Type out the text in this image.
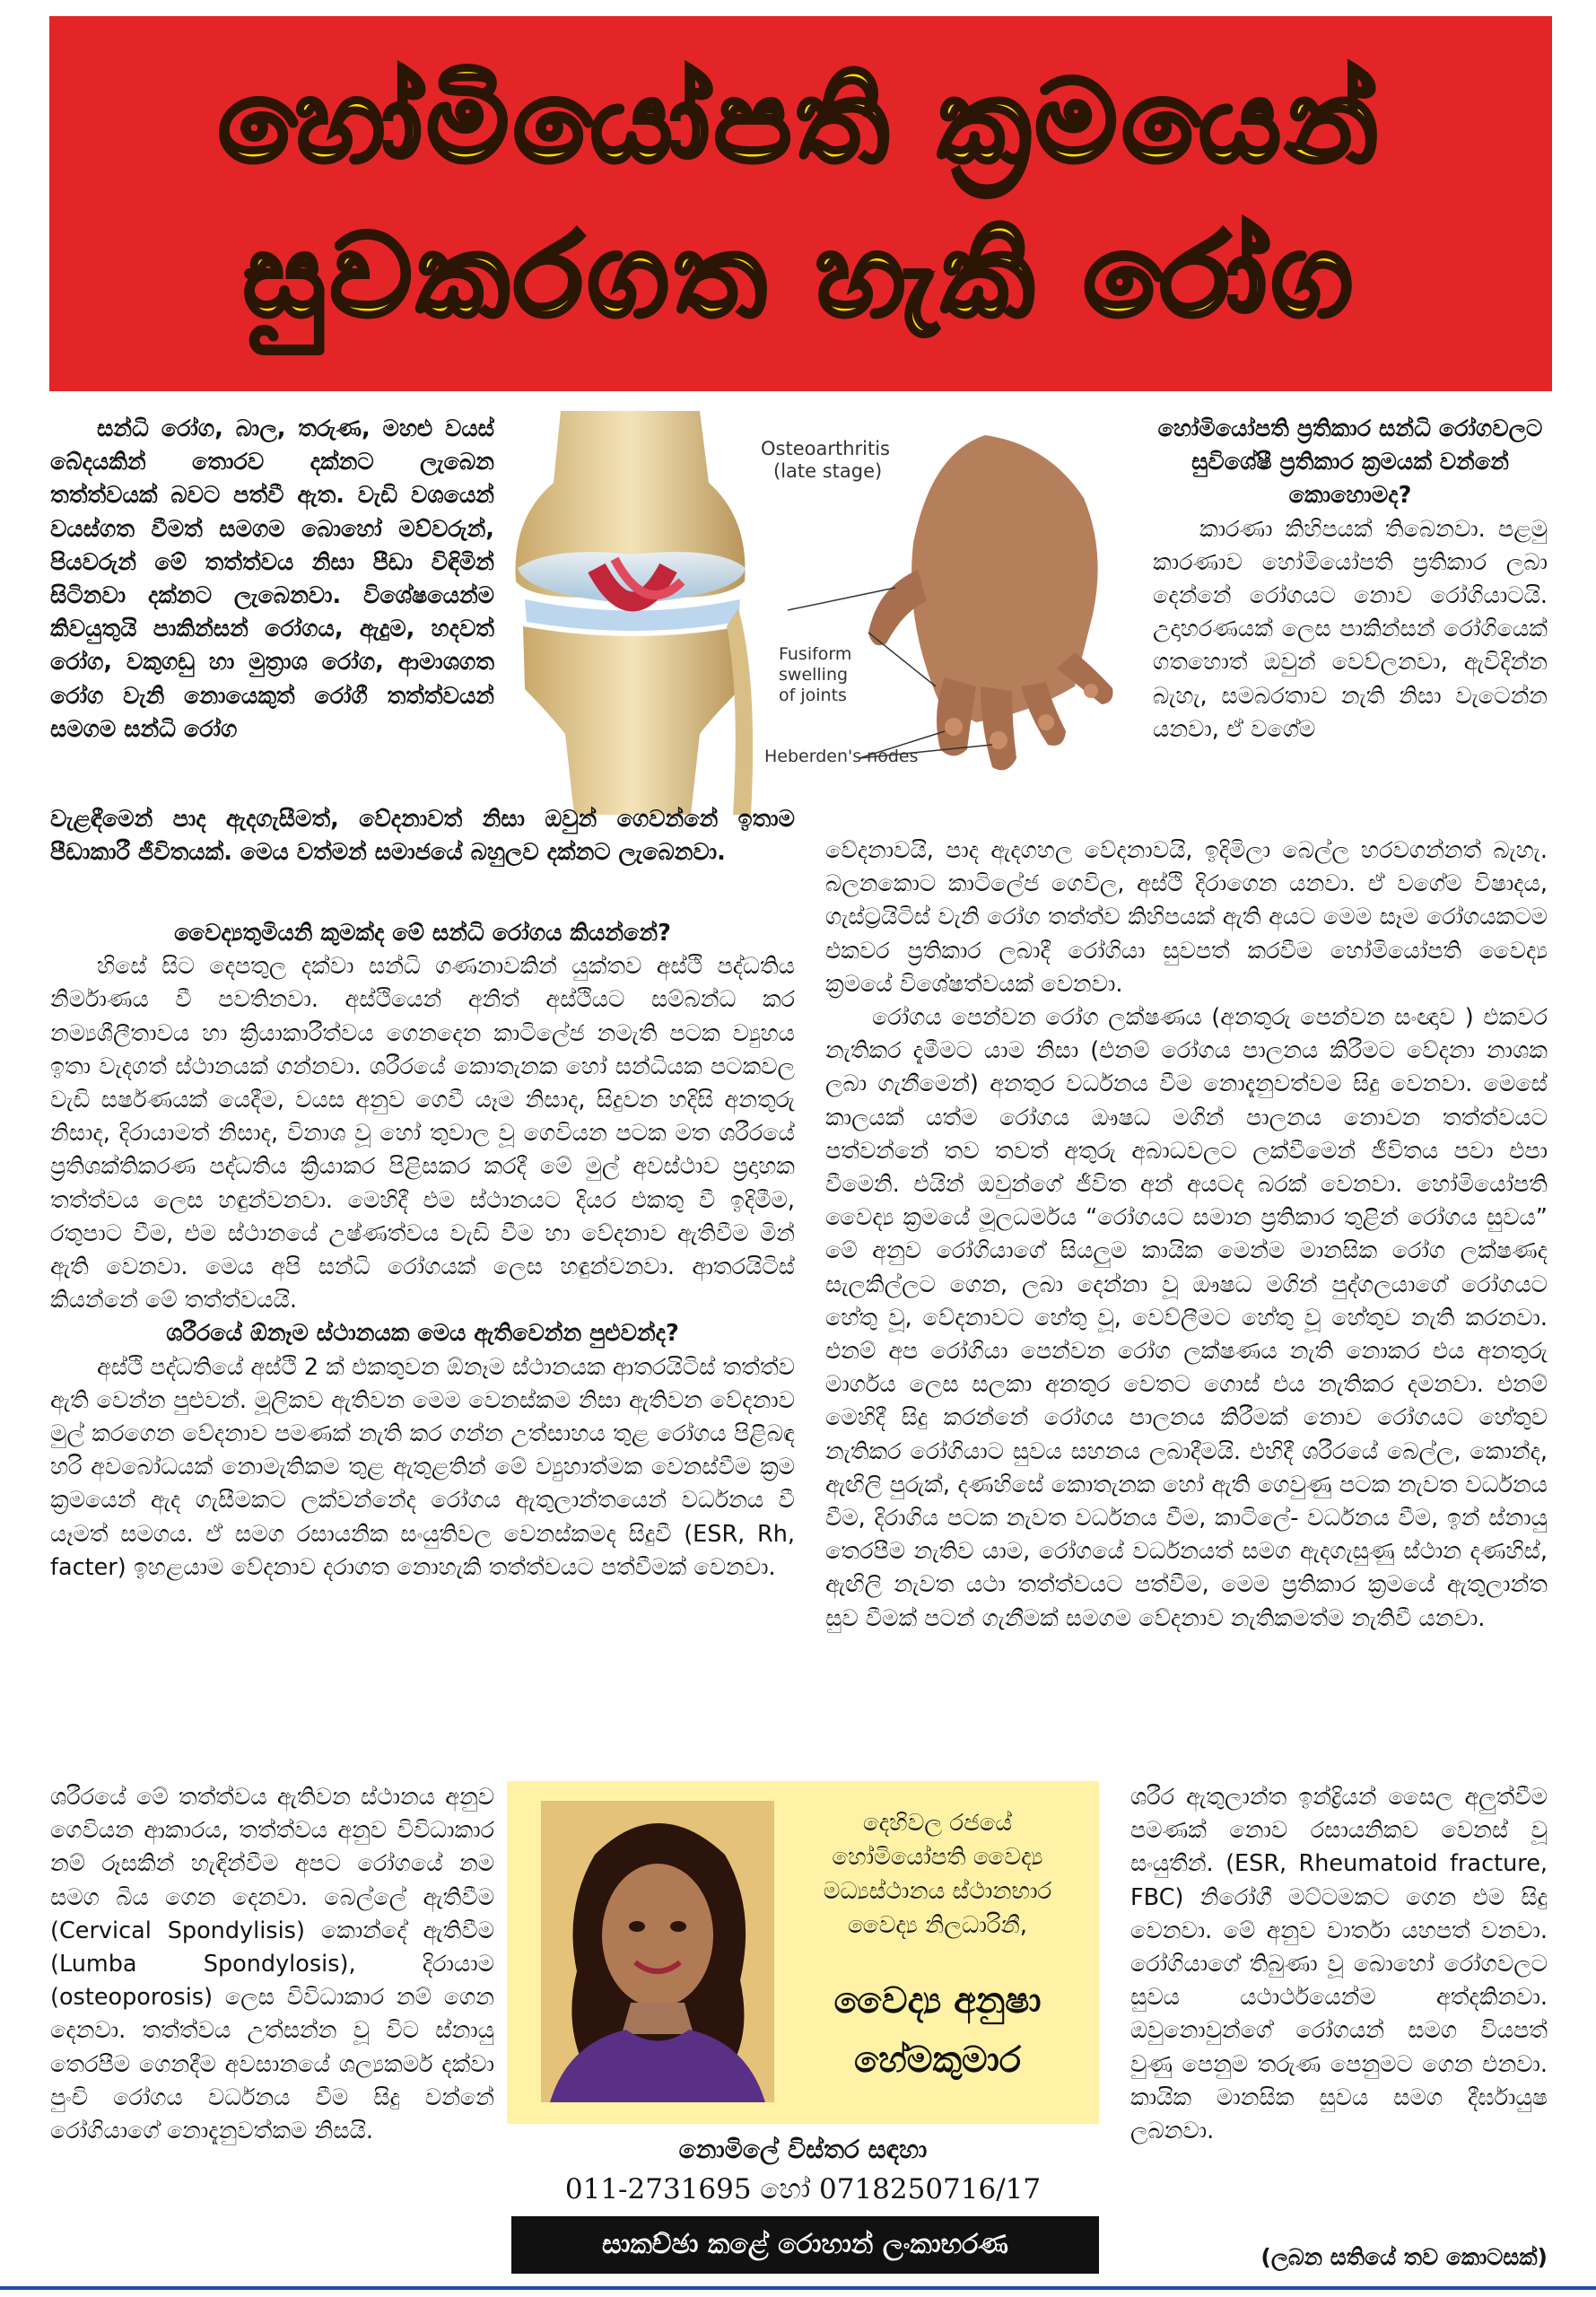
හෝමියෝපති ක්‍රමයෙන්
සුවකරගත හැකි රෝග
Osteoarthritis
(late stage)
Fusiform
swelling
of joints
Heberden's nodes

සන්ධි රෝග, බාල, තරුණ, මහළු වයස් බේදයකින් තොරව දක්නට ලැබෙන තත්ත්වයක් බවට පත්වී ඇත. වැඩි වශයෙන් වයස්ගත වීමත් සමගම බොහෝ මව්වරුන්, පියවරුන් මේ තත්ත්වය නිසා පීඩා විඳිමින් සිටිනවා දක්නට ලැබෙනවා. විශේෂයෙන්ම කිවයුතුයි පාකින්සන් රෝගය, ඇදුම, හදවත් රෝග, වකුගඩු හා මුත්‍රාශ රෝග, ආමාශගත රෝග වැනි නොයෙකුත් රෝගී තත්ත්වයන් සමගම සන්ධි රෝග

වැළඳීමෙන් පාද ඇදගැසීමත්, වේදනාවත් නිසා ඔවුන් ගෙවන්නේ ඉතාම පීඩාකාරී ජීවිතයක්. මෙය වත්මන් සමාජයේ බහුලව දක්නට ලැබෙනවා.

වෛද්‍යතුමියනි කුමක්ද මේ සන්ධි රෝගය කියන්නේ?

හිසේ සිට දෙපතුල දක්වා සන්ධි ගණනාවකින් යුක්තව අස්ථි පද්ධතිය නිර්මාණය වී පවතිනවා. අස්ථියෙන් අනිත් අස්ථියට සම්බන්ධ කර නම්‍යශීලීතාවය හා ක්‍රියාකාරීත්වය ගෙනදෙන කාටිලේජ නමැති පටක ව්‍යුහය ඉතා වැදගත් ස්ථානයක් ගන්නවා. ශරීරයේ කොතැනක හෝ සන්ධියක පටකවල වැඩි සර්ෂණයක් යෙදීම, වයස අනුව ගෙවී යෑම නිසාද, සිදුවන හදිසි අනතුරු නිසාද, දිරායාමත් නිසාද, විනාශ වූ හෝ තුවාල වූ ගෙවියන පටක මත ශරීරයේ ප්‍රතිශක්තිකරණ පද්ධතිය ක්‍රියාකර පිළිසකර කරදී මේ මුල් අවස්ථාව ප්‍රදාහක තත්ත්වය ලෙස හඳුන්වනවා. මෙහිදී එම ස්ථානයට දියර එකතු වී ඉදිමීම, රතුපාට වීම, එම ස්ථානයේ උෂ්ණත්වය වැඩි වීම හා වේදනාව ඇතිවීම මින් ඇති වෙනවා. මෙය අපි සන්ධි රෝගයක් ලෙස හඳුන්වනවා. ආතරයිටිස් කියන්නේ මේ තත්ත්වයයි.

ශරීරයේ ඕනෑම ස්ථානයක මෙය ඇතිවෙන්න පුළුවන්ද?

අස්ථි පද්ධතියේ අස්ථි 2 ක් එකතුවන ඕනෑම ස්ථානයක ආතරයිටිස් තත්ත්ව ඇති වෙන්න පුළුවන්. මූලිකව ඇතිවන මෙම වෙනස්කම නිසා ඇතිවන වේදනාව මුල් කරගෙන වේදනාව පමණක් නැති කර ගන්න උත්සාහය තුළ රෝගය පිළිබඳ හරි අවබෝධයක් නොමැතිකම තුළ ඇතුළතින් මේ ව්‍යුහාත්මක වෙනස්වීම ක්‍රම ක්‍රමයෙන් ඇද ගැසීමකට ලක්වන්නේද රෝගය ඇතුලාන්තයෙන් වර්ධනය වී යෑමත් සමගය. ඒ සමග රසායනික සංයුතිවල වෙනස්කමද සිදුවී (ESR, Rh, facter) ඉහළයාම වේදනාව දරාගත නොහැකි තත්ත්වයට පත්වීමක් වෙනවා.

ශරීරයේ මේ තත්ත්වය ඇතිවන ස්ථානය අනුව ගෙවියන ආකාරය, තත්ත්වය අනුව විවිධාකාර නම් රූසකින් හැඳින්වීම අපට රෝගයේ නම සමග බිය ගෙන දෙනවා. බෙල්ලේ ඇතිවීම (Cervical Spondylisis) කොන්දේ ඇතිවීම (Lumba Spondylosis), දිරායාම (osteoporosis) ලෙස විවිධාකාර නම් ගෙන දෙනවා. තත්ත්වය උත්සන්න වූ විට ස්නායු තෙරපීම ගෙනදීම අවසානයේ ශල්‍යකර්ම දක්වා පුංචි රෝගය වර්ධනය වීම සිදු වන්නේ රෝගියාගේ නොදැනුවත්කම නිසයි.

හෝමියෝපති ප්‍රතිකාර සන්ධි රෝගවලට සුවිශේෂී ප්‍රතිකාර ක්‍රමයක් වන්නේ කොහොමද?

කාරණා කිහිපයක් තිබෙනවා. පළමු කාරණාව හෝමියෝපති ප්‍රතිකාර ලබා දෙන්නේ රෝගයට නොව රෝගියාටයි. උදාහරණයක් ලෙස පාකින්සන් රෝගියෙක් ගතහොත් ඔවුන් වෙව්ලනවා, ඇවිදින්න බැහැ, සමබරතාව නැති නිසා වැටෙන්න යනවා, ඒ වගේම

වේදනාවයි, පාද ඇදගහල වේදනාවයි, ඉදිමිලා බෙල්ල හරවගන්නත් බැහැ. බලනකොට කාටිලේජ ගෙවිල, අස්ථි දිරාගෙන යනවා. ඒ වගේම විෂාදය, ගැස්ට්‍රයිටිස් වැනි රෝග තත්ත්ව කිහිපයක් ඇති අයට මෙම සෑම රෝගයකටම එකවර ප්‍රතිකාර ලබාදී රෝගියා සුවපත් කරවීම හෝමියෝපති වෛද්‍ය ක්‍රමයේ විශේෂත්වයක් වෙනවා.

රෝගය පෙන්වන රෝග ලක්ෂණය (අනතුරු පෙන්වන සංඥාව ) එකවර නැතිකර දැමීමට යාම නිසා (එනම් රෝගය පාලනය කිරීමට වේදනා නාශක ලබා ගැනීමෙන්) අනතුර වර්ධනය වීම නොදැනුවත්වම සිදු වෙනවා. මෙසේ කාලයක් යත්ම රෝගය ඖෂධ මගින් පාලනය නොවන තත්ත්වයට පත්වන්නේ තව තවත් අතුරු අබාධවලට ලක්වීමෙන් ජීවිතය පවා එපා වීමෙනි. එයින් ඔවුන්ගේ ජීවිත අන් අයටද බරක් වෙනවා. හෝමියෝපති වෛද්‍ය ක්‍රමයේ මූලධර්මය “රෝගයට සමාන ප්‍රතිකාර තුළින් රෝගය සුවය” මේ අනුව රෝගියාගේ සියලුම කායික මෙන්ම මානසික රෝග ලක්ෂණද සැලකිල්ලට ගෙන, ලබා දෙන්නා වූ ඖෂධ මගින් පුද්ගලයාගේ රෝගයට හේතු වූ, වේදනාවට හේතු වූ, වෙව්ලීමට හේතු වූ හේතුව නැති කරනවා. එනම් අප රෝගියා පෙන්වන රෝග ලක්ෂණය නැති නොකර එය අනතුරු මාර්ගය ලෙස සලකා අනතුර වෙතට ගොස් එය නැතිකර දමනවා. එනම් මෙහිදී සිදු කරන්නේ රෝගය පාලනය කිරීමක් නොව රෝගයට හේතුව නැතිකර රෝගියාට සුවය සහනය ලබාදීමයි. එහිදී ශරීරයේ බෙල්ල, කොන්ද, ඇඟිලි පුරුක්, දණහිසේ කොතැනක හෝ ඇති ගෙවුණු පටක නැවත වර්ධනය වීම, දිරාගිය පටක නැවත වර්ධනය වීම, කාටිලේ- වර්ධනය වීම, ඉන් ස්නායු තෙරපීම නැතිව යාම, රෝගයේ වර්ධනයත් සමග ඇදගැසුණු ස්ථාන දණහිස්, ඇඟිලි නැවත යථා තත්ත්වයට පත්වීම, මෙම ප්‍රතිකාර ක්‍රමයේ ඇතුලාන්ත සුව වීමක් පටන් ගැනීමක් සමගම වේදනාව නැතිකමත්ම නැතිවී යනවා.

ශරීර ඇතුලාන්ත ඉන්ද්‍රියන් සෛල අලුත්වීම පමණක් නොව රසායනිකව වෙනස් වූ සංයුතීන්. (ESR, Rheumatoid fracture, FBC) නිරෝගී මට්ටමකට ගෙන එම සිදු වෙනවා. මේ අනුව වාර්තා යහපත් වනවා. රෝගියාගේ තිබුණා වූ බොහෝ රෝගවලට සුවය යථාර්ථයෙන්ම අත්දකිනවා. ඔවුනොවුන්ගේ රෝගයන් සමග වියපත් වුණු පෙනුම තරුණ පෙනුමට ගෙන එනවා. කායික මානසික සුවය සමග දීර්ඝායුෂ ලබනවා.

(ලබන සතියේ තව කොටසක්)
දෙහිවල රජයේ
හෝමියෝපති වෛද්‍ය
මධ්‍යස්ථානය ස්ථානභාර
වෛද්‍ය නිලධාරිනී,
වෛද්‍ය අනුෂා
හේමකුමාර
නොමිලේ විස්තර සඳහා
011-2731695 හෝ 0718250716/17
සාකච්ඡා කළේ රොහාන් ලංකාභරණ
